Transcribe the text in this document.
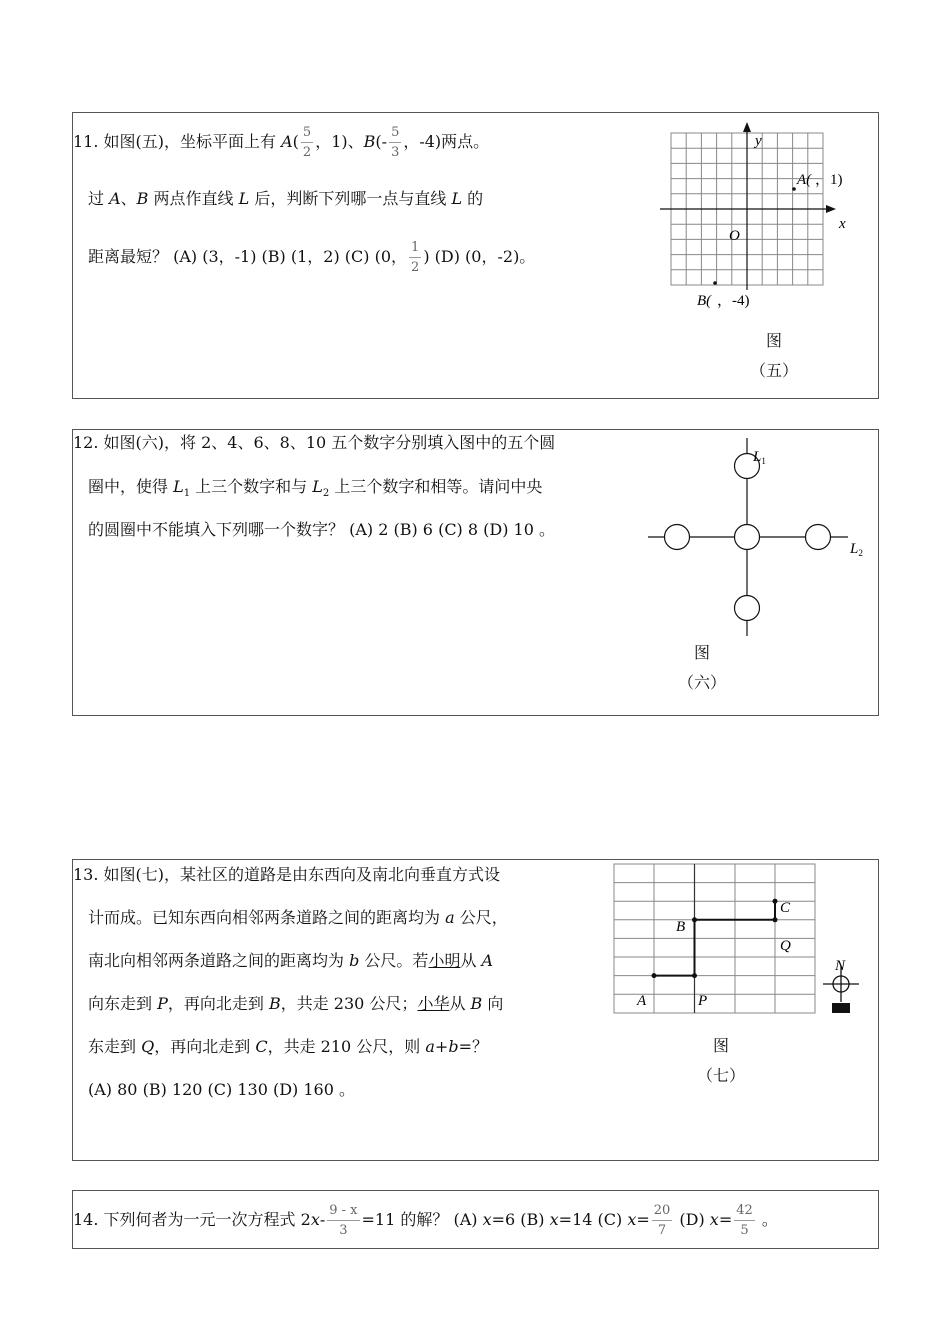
11. 如图(五)，坐标平面上有 $A( \frac{5}{2}$ ，1)、$B(- \frac{5}{3}$ ，-4)两点。
过 A、B 两点作直线 L 后，判断下列哪一点与直线 L 的
距离最短？ (A) (3，-1) (B) (1，2) (C) (0， $\frac{1}{2}$ ) (D) (0，-2)。
y
x
O
A( ，1)
B( ，-4)
图
（五）
12. 如图(六)，将 2、4、6、8、10 五个数字分别填入图中的五个圆
圈中，使得 $L_1$ 上三个数字和与 $L_2$ 上三个数字和相等。请问中央
的圆圈中不能填入下列哪一个数字？ (A) 2 (B) 6 (C) 8 (D) 10 。
$L_1$
$L_2$
图
（六）
13. 如图(七)，某社区的道路是由东西向及南北向垂直方式设
计而成。已知东西向相邻两条道路之间的距离均为 a 公尺，
南北向相邻两条道路之间的距离均为 b 公尺。若小明从 A
向东走到 P，再向北走到 B，共走 230 公尺；小华从 B 向
东走到 Q，再向北走到 C，共走 210 公尺，则 a+b=？
(A) 80 (B) 120 (C) 130 (D) 160 。
A	P
B
C
Q
N
图
（七）
14. 下列何者为一元一次方程式 $2x- \frac{9 - x}{3} =11$ 的解？ (A) x=6 (B) x=14 (C) $x= \frac{20}{7} (D)$ $x= \frac{42}{5}$ 。
